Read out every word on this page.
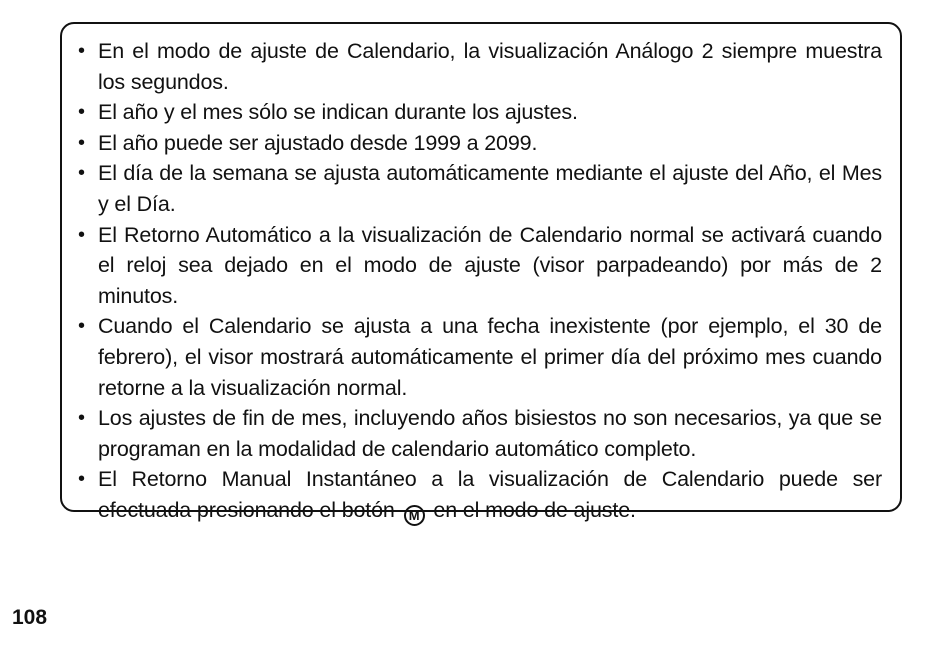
• En el modo de ajuste de Calendario, la visualización Análogo 2 siempre muestra los segundos.
• El año y el mes sólo se indican durante los ajustes.
• El año puede ser ajustado desde 1999 a 2099.
• El día de la semana se ajusta automáticamente mediante el ajuste del Año, el Mes y el Día.
• El Retorno Automático a la visualización de Calendario normal se activará cuando el reloj sea dejado en el modo de ajuste (visor parpadeando) por más de 2 minutos.
• Cuando el Calendario se ajusta a una fecha inexistente (por ejemplo, el 30 de febrero), el visor mostrará automáticamente el primer día del próximo mes cuando retorne a la visualización normal.
• Los ajustes de fin de mes, incluyendo años bisiestos no son necesarios, ya que se programan en la modalidad de calendario automático completo.
• El Retorno Manual Instantáneo a la visualización de Calendario puede ser efectuada presionando el botón M en el modo de ajuste.
108
